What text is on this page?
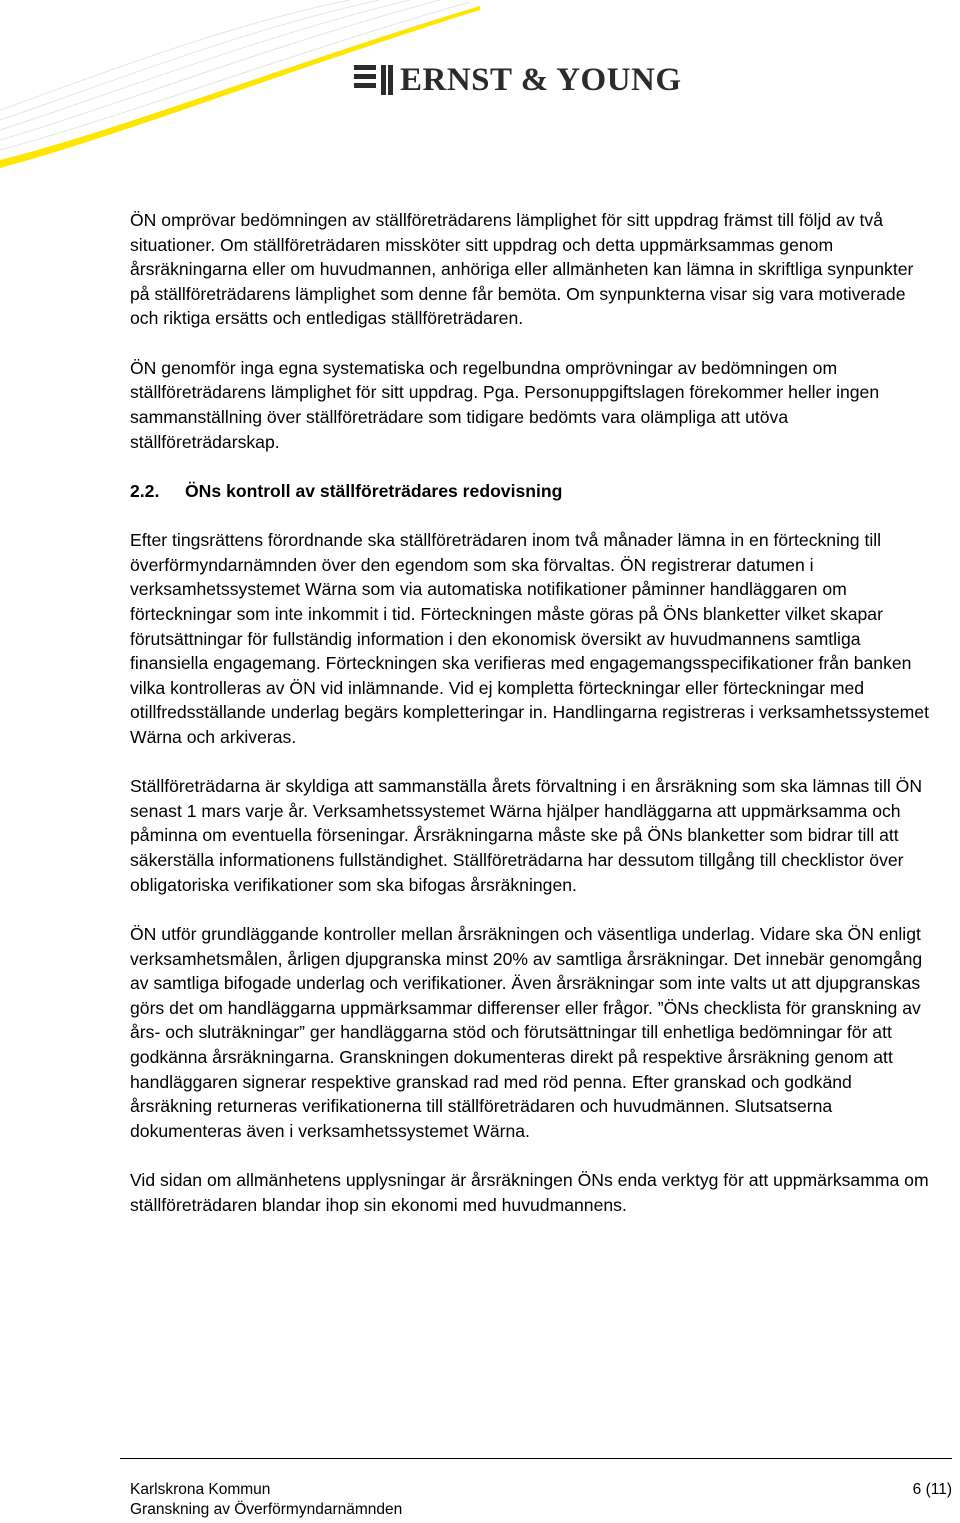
ERNST & YOUNG

ÖN omprövar bedömningen av ställföreträdarens lämplighet för sitt uppdrag främst till följd av två situationer. Om ställföreträdaren missköter sitt uppdrag och detta uppmärksammas genom årsräkningarna eller om huvudmannen, anhöriga eller allmänheten kan lämna in skriftliga synpunkter på ställföreträdarens lämplighet som denne får bemöta. Om synpunkterna visar sig vara motiverade och riktiga ersätts och entledigas ställföreträdaren.

ÖN genomför inga egna systematiska och regelbundna omprövningar av bedömningen om ställföreträdarens lämplighet för sitt uppdrag. Pga. Personuppgiftslagen förekommer heller ingen sammanställning över ställföreträdare som tidigare bedömts vara olämpliga att utöva ställföreträdarskap.

2.2. ÖNs kontroll av ställföreträdares redovisning

Efter tingsrättens förordnande ska ställföreträdaren inom två månader lämna in en förteckning till överförmyndarnämnden över den egendom som ska förvaltas. ÖN registrerar datumen i verksamhetssystemet Wärna som via automatiska notifikationer påminner handläggaren om förteckningar som inte inkommit i tid. Förteckningen måste göras på ÖNs blanketter vilket skapar förutsättningar för fullständig information i den ekonomisk översikt av huvudmannens samtliga finansiella engagemang. Förteckningen ska verifieras med engagemangsspecifikationer från banken vilka kontrolleras av ÖN vid inlämnande. Vid ej kompletta förteckningar eller förteckningar med otillfredsställande underlag begärs kompletteringar in. Handlingarna registreras i verksamhetssystemet Wärna och arkiveras.

Ställföreträdarna är skyldiga att sammanställa årets förvaltning i en årsräkning som ska lämnas till ÖN senast 1 mars varje år. Verksamhetssystemet Wärna hjälper handläggarna att uppmärksamma och påminna om eventuella förseningar. Årsräkningarna måste ske på ÖNs blanketter som bidrar till att säkerställa informationens fullständighet. Ställföreträdarna har dessutom tillgång till checklistor över obligatoriska verifikationer som ska bifogas årsräkningen.

ÖN utför grundläggande kontroller mellan årsräkningen och väsentliga underlag. Vidare ska ÖN enligt verksamhetsmålen, årligen djupgranska minst 20% av samtliga årsräkningar. Det innebär genomgång av samtliga bifogade underlag och verifikationer. Även årsräkningar som inte valts ut att djupgranskas görs det om handläggarna uppmärksammar differenser eller frågor. ”ÖNs checklista för granskning av års- och sluträkningar” ger handläggarna stöd och förutsättningar till enhetliga bedömningar för att godkänna årsräkningarna. Granskningen dokumenteras direkt på respektive årsräkning genom att handläggaren signerar respektive granskad rad med röd penna. Efter granskad och godkänd årsräkning returneras verifikationerna till ställföreträdaren och huvudmännen. Slutsatserna dokumenteras även i verksamhetssystemet Wärna.

Vid sidan om allmänhetens upplysningar är årsräkningen ÖNs enda verktyg för att uppmärksamma om ställföreträdaren blandar ihop sin ekonomi med huvudmannens.

Karlskrona Kommun
Granskning av Överförmyndarnämnden
6 (11)
